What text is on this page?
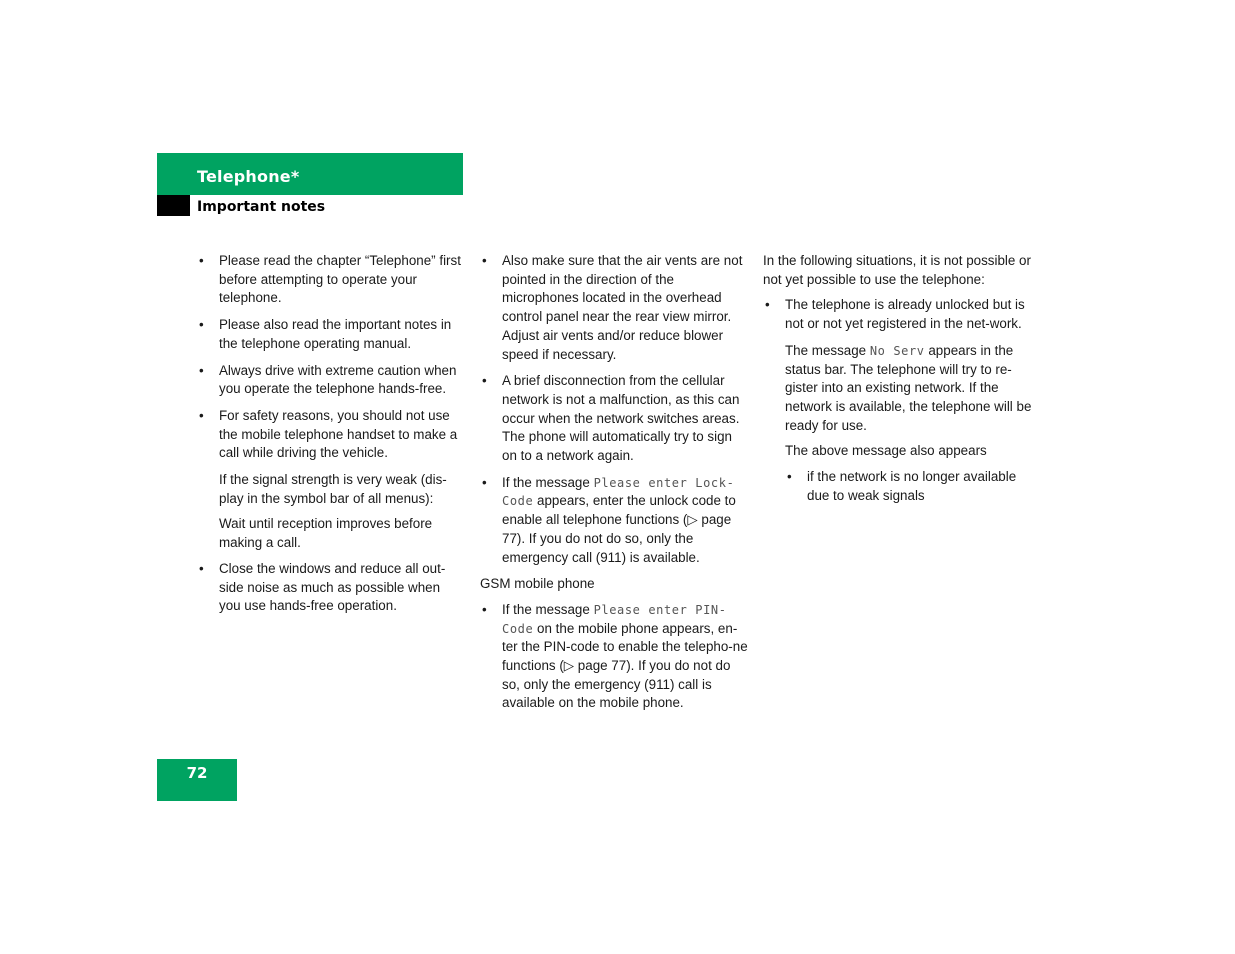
Telephone*
Important notes
• Please read the chapter “Telephone” first before attempting to operate your telephone.
• Please also read the important notes in the telephone operating manual.
• Always drive with extreme caution when you operate the telephone hands-free.
• For safety reasons, you should not use the mobile telephone handset to make a call while driving the vehicle.
If the signal strength is very weak (dis-play in the symbol bar of all menus):
Wait until reception improves before making a call.
• Close the windows and reduce all out-side noise as much as possible when you use hands-free operation.
• Also make sure that the air vents are not pointed in the direction of the microphones located in the overhead control panel near the rear view mirror. Adjust air vents and/or reduce blower speed if necessary.
• A brief disconnection from the cellular network is not a malfunction, as this can occur when the network switches areas. The phone will automatically try to sign on to a network again.
• If the message Please enter Lock-Code appears, enter the unlock code to enable all telephone functions (▷ page 77). If you do not do so, only the emergency call (911) is available.
GSM mobile phone
• If the message Please enter PIN-Code on the mobile phone appears, en-ter the PIN-code to enable the telepho-ne functions (▷ page 77). If you do not do so, only the emergency (911) call is available on the mobile phone.
In the following situations, it is not possible or not yet possible to use the telephone:
• The telephone is already unlocked but is not or not yet registered in the net-work.
The message No Serv appears in the status bar. The telephone will try to re-gister into an existing network. If the network is available, the telephone will be ready for use.
The above message also appears
• if the network is no longer available due to weak signals
72
